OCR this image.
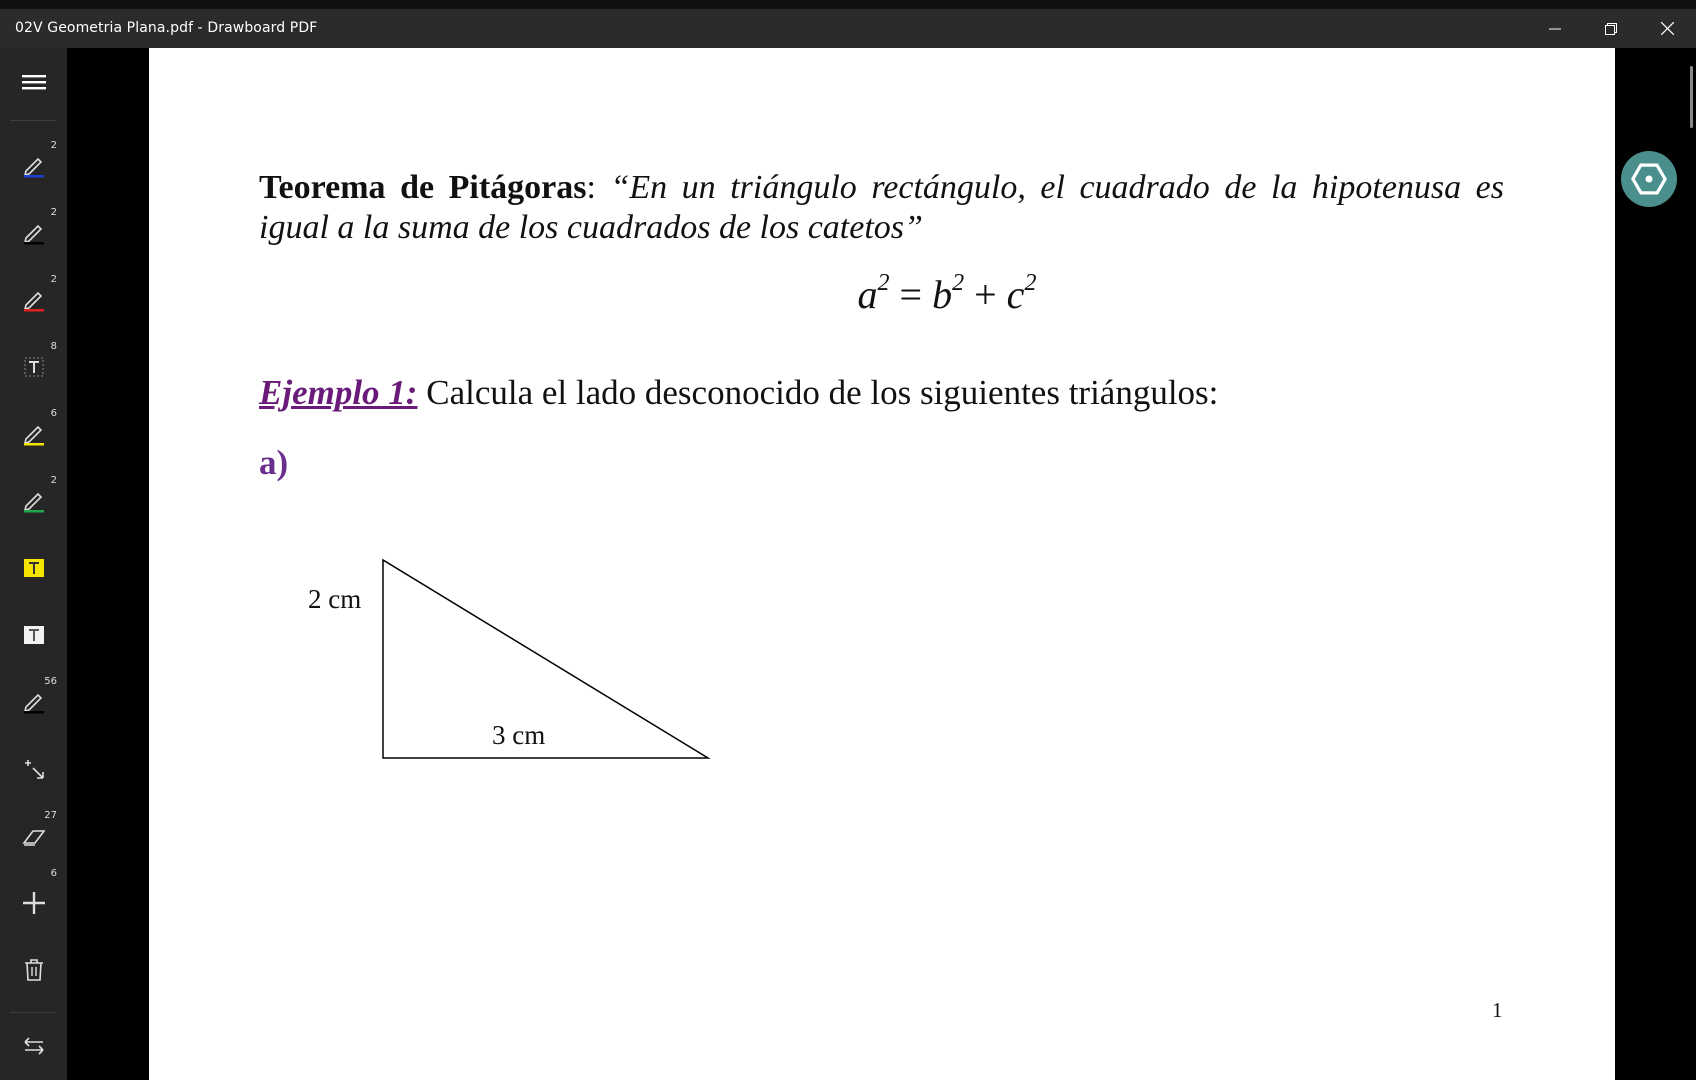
02V Geometria Plana.pdf - Drawboard PDF
2
2
2
8
6
2
56
27
6
Teorema de Pitágoras: “En un triángulo rectángulo, el cuadrado de la hipotenusa es igual a la suma de los cuadrados de los catetos”
$a^2 = b^2 + c^2$
Ejemplo 1: Calcula el lado desconocido de los siguientes triángulos:
a)
2 cm
3 cm
1
